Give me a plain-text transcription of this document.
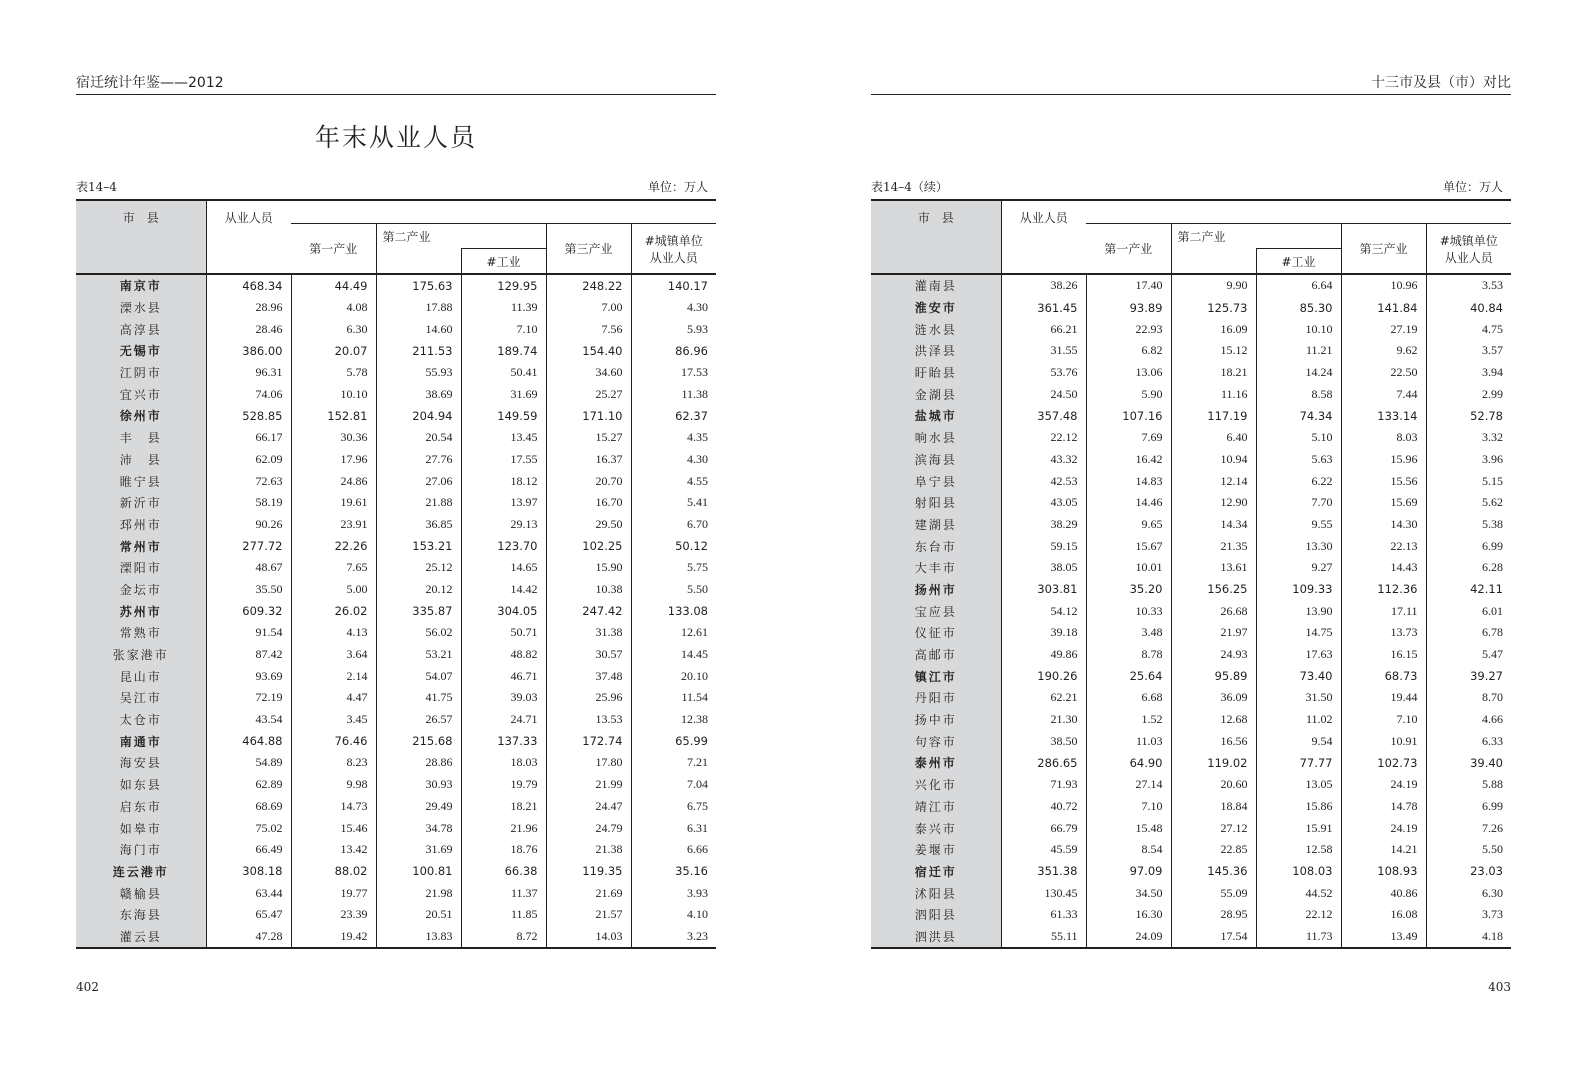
宿迁统计年鉴——2012
年末从业人员
表14–4	单位：万人
市　县	从业人员					
		第一产业	第二产业		第三产业	#城镇单位
从业人员
				#工业		
南京市	468.34	44.49	175.63	129.95	248.22	140.17
溧水县	28.96	4.08	17.88	11.39	7.00	4.30
高淳县	28.46	6.30	14.60	7.10	7.56	5.93
无锡市	386.00	20.07	211.53	189.74	154.40	86.96
江阴市	96.31	5.78	55.93	50.41	34.60	17.53
宜兴市	74.06	10.10	38.69	31.69	25.27	11.38
徐州市	528.85	152.81	204.94	149.59	171.10	62.37
丰　县	66.17	30.36	20.54	13.45	15.27	4.35
沛　县	62.09	17.96	27.76	17.55	16.37	4.30
睢宁县	72.63	24.86	27.06	18.12	20.70	4.55
新沂市	58.19	19.61	21.88	13.97	16.70	5.41
邳州市	90.26	23.91	36.85	29.13	29.50	6.70
常州市	277.72	22.26	153.21	123.70	102.25	50.12
溧阳市	48.67	7.65	25.12	14.65	15.90	5.75
金坛市	35.50	5.00	20.12	14.42	10.38	5.50
苏州市	609.32	26.02	335.87	304.05	247.42	133.08
常熟市	91.54	4.13	56.02	50.71	31.38	12.61
张家港市	87.42	3.64	53.21	48.82	30.57	14.45
昆山市	93.69	2.14	54.07	46.71	37.48	20.10
吴江市	72.19	4.47	41.75	39.03	25.96	11.54
太仓市	43.54	3.45	26.57	24.71	13.53	12.38
南通市	464.88	76.46	215.68	137.33	172.74	65.99
海安县	54.89	8.23	28.86	18.03	17.80	7.21
如东县	62.89	9.98	30.93	19.79	21.99	7.04
启东市	68.69	14.73	29.49	18.21	24.47	6.75
如皋市	75.02	15.46	34.78	21.96	24.79	6.31
海门市	66.49	13.42	31.69	18.76	21.38	6.66
连云港市	308.18	88.02	100.81	66.38	119.35	35.16
赣榆县	63.44	19.77	21.98	11.37	21.69	3.93
东海县	65.47	23.39	20.51	11.85	21.57	4.10
灌云县	47.28	19.42	13.83	8.72	14.03	3.23
402
十三市及县（市）对比
表14–4（续）	单位：万人
市　县	从业人员					
		第一产业	第二产业		第三产业	#城镇单位
从业人员
				#工业		
灌南县	38.26	17.40	9.90	6.64	10.96	3.53
淮安市	361.45	93.89	125.73	85.30	141.84	40.84
涟水县	66.21	22.93	16.09	10.10	27.19	4.75
洪泽县	31.55	6.82	15.12	11.21	9.62	3.57
盱眙县	53.76	13.06	18.21	14.24	22.50	3.94
金湖县	24.50	5.90	11.16	8.58	7.44	2.99
盐城市	357.48	107.16	117.19	74.34	133.14	52.78
响水县	22.12	7.69	6.40	5.10	8.03	3.32
滨海县	43.32	16.42	10.94	5.63	15.96	3.96
阜宁县	42.53	14.83	12.14	6.22	15.56	5.15
射阳县	43.05	14.46	12.90	7.70	15.69	5.62
建湖县	38.29	9.65	14.34	9.55	14.30	5.38
东台市	59.15	15.67	21.35	13.30	22.13	6.99
大丰市	38.05	10.01	13.61	9.27	14.43	6.28
扬州市	303.81	35.20	156.25	109.33	112.36	42.11
宝应县	54.12	10.33	26.68	13.90	17.11	6.01
仪征市	39.18	3.48	21.97	14.75	13.73	6.78
高邮市	49.86	8.78	24.93	17.63	16.15	5.47
镇江市	190.26	25.64	95.89	73.40	68.73	39.27
丹阳市	62.21	6.68	36.09	31.50	19.44	8.70
扬中市	21.30	1.52	12.68	11.02	7.10	4.66
句容市	38.50	11.03	16.56	9.54	10.91	6.33
泰州市	286.65	64.90	119.02	77.77	102.73	39.40
兴化市	71.93	27.14	20.60	13.05	24.19	5.88
靖江市	40.72	7.10	18.84	15.86	14.78	6.99
泰兴市	66.79	15.48	27.12	15.91	24.19	7.26
姜堰市	45.59	8.54	22.85	12.58	14.21	5.50
宿迁市	351.38	97.09	145.36	108.03	108.93	23.03
沭阳县	130.45	34.50	55.09	44.52	40.86	6.30
泗阳县	61.33	16.30	28.95	22.12	16.08	3.73
泗洪县	55.11	24.09	17.54	11.73	13.49	4.18
403
